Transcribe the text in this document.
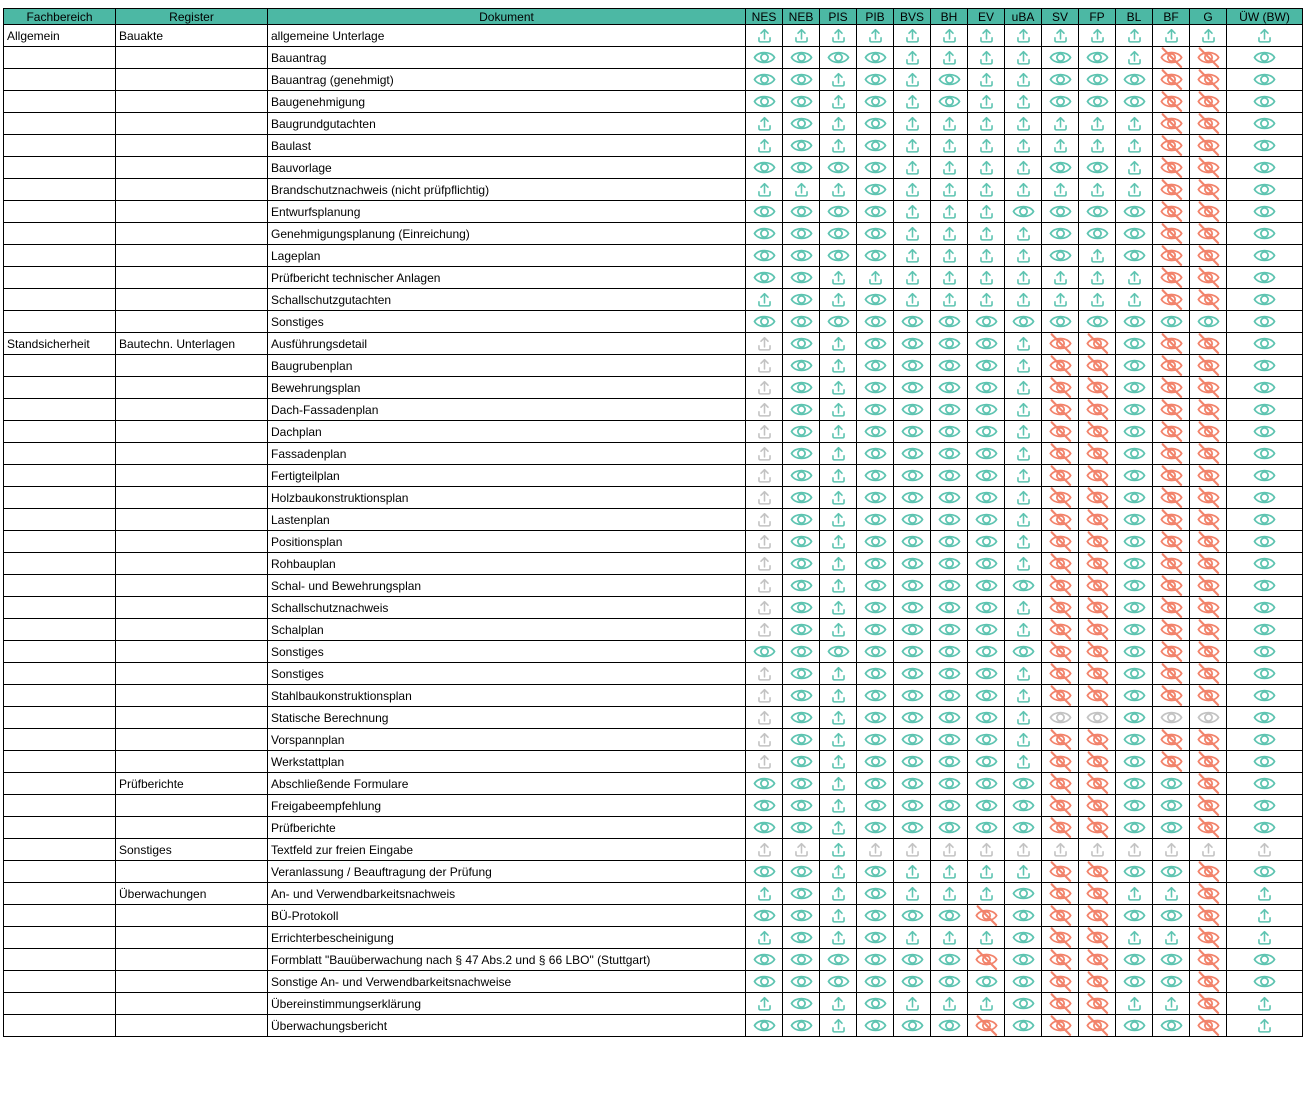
Fachbereich	Register	Dokument	NES	NEB	PIS	PIB	BVS	BH	EV	uBA	SV	FP	BL	BF	G	ÜW (BW)
Allgemein	Bauakte	allgemeine Unterlage														
		Bauantrag														
		Bauantrag (genehmigt)														
		Baugenehmigung														
		Baugrundgutachten														
		Baulast														
		Bauvorlage														
		Brandschutznachweis (nicht prüfpflichtig)														
		Entwurfsplanung														
		Genehmigungsplanung (Einreichung)														
		Lageplan														
		Prüfbericht technischer Anlagen														
		Schallschutzgutachten														
		Sonstiges														
Standsicherheit	Bautechn. Unterlagen	Ausführungsdetail														
		Baugrubenplan														
		Bewehrungsplan														
		Dach-Fassadenplan														
		Dachplan														
		Fassadenplan														
		Fertigteilplan														
		Holzbaukonstruktionsplan														
		Lastenplan														
		Positionsplan														
		Rohbauplan														
		Schal- und Bewehrungsplan														
		Schallschutznachweis														
		Schalplan														
		Sonstiges														
		Sonstiges														
		Stahlbaukonstruktionsplan														
		Statische Berechnung														
		Vorspannplan														
		Werkstattplan														
	Prüfberichte	Abschließende Formulare														
		Freigabeempfehlung														
		Prüfberichte														
	Sonstiges	Textfeld zur freien Eingabe														
		Veranlassung / Beauftragung der Prüfung														
	Überwachungen	An- und Verwendbarkeitsnachweis														
		BÜ-Protokoll														
		Errichterbescheinigung														
		Formblatt "Bauüberwachung nach § 47 Abs.2 und § 66 LBO" (Stuttgart)														
		Sonstige An- und Verwendbarkeitsnachweise														
		Übereinstimmungserklärung														
		Überwachungsbericht														
